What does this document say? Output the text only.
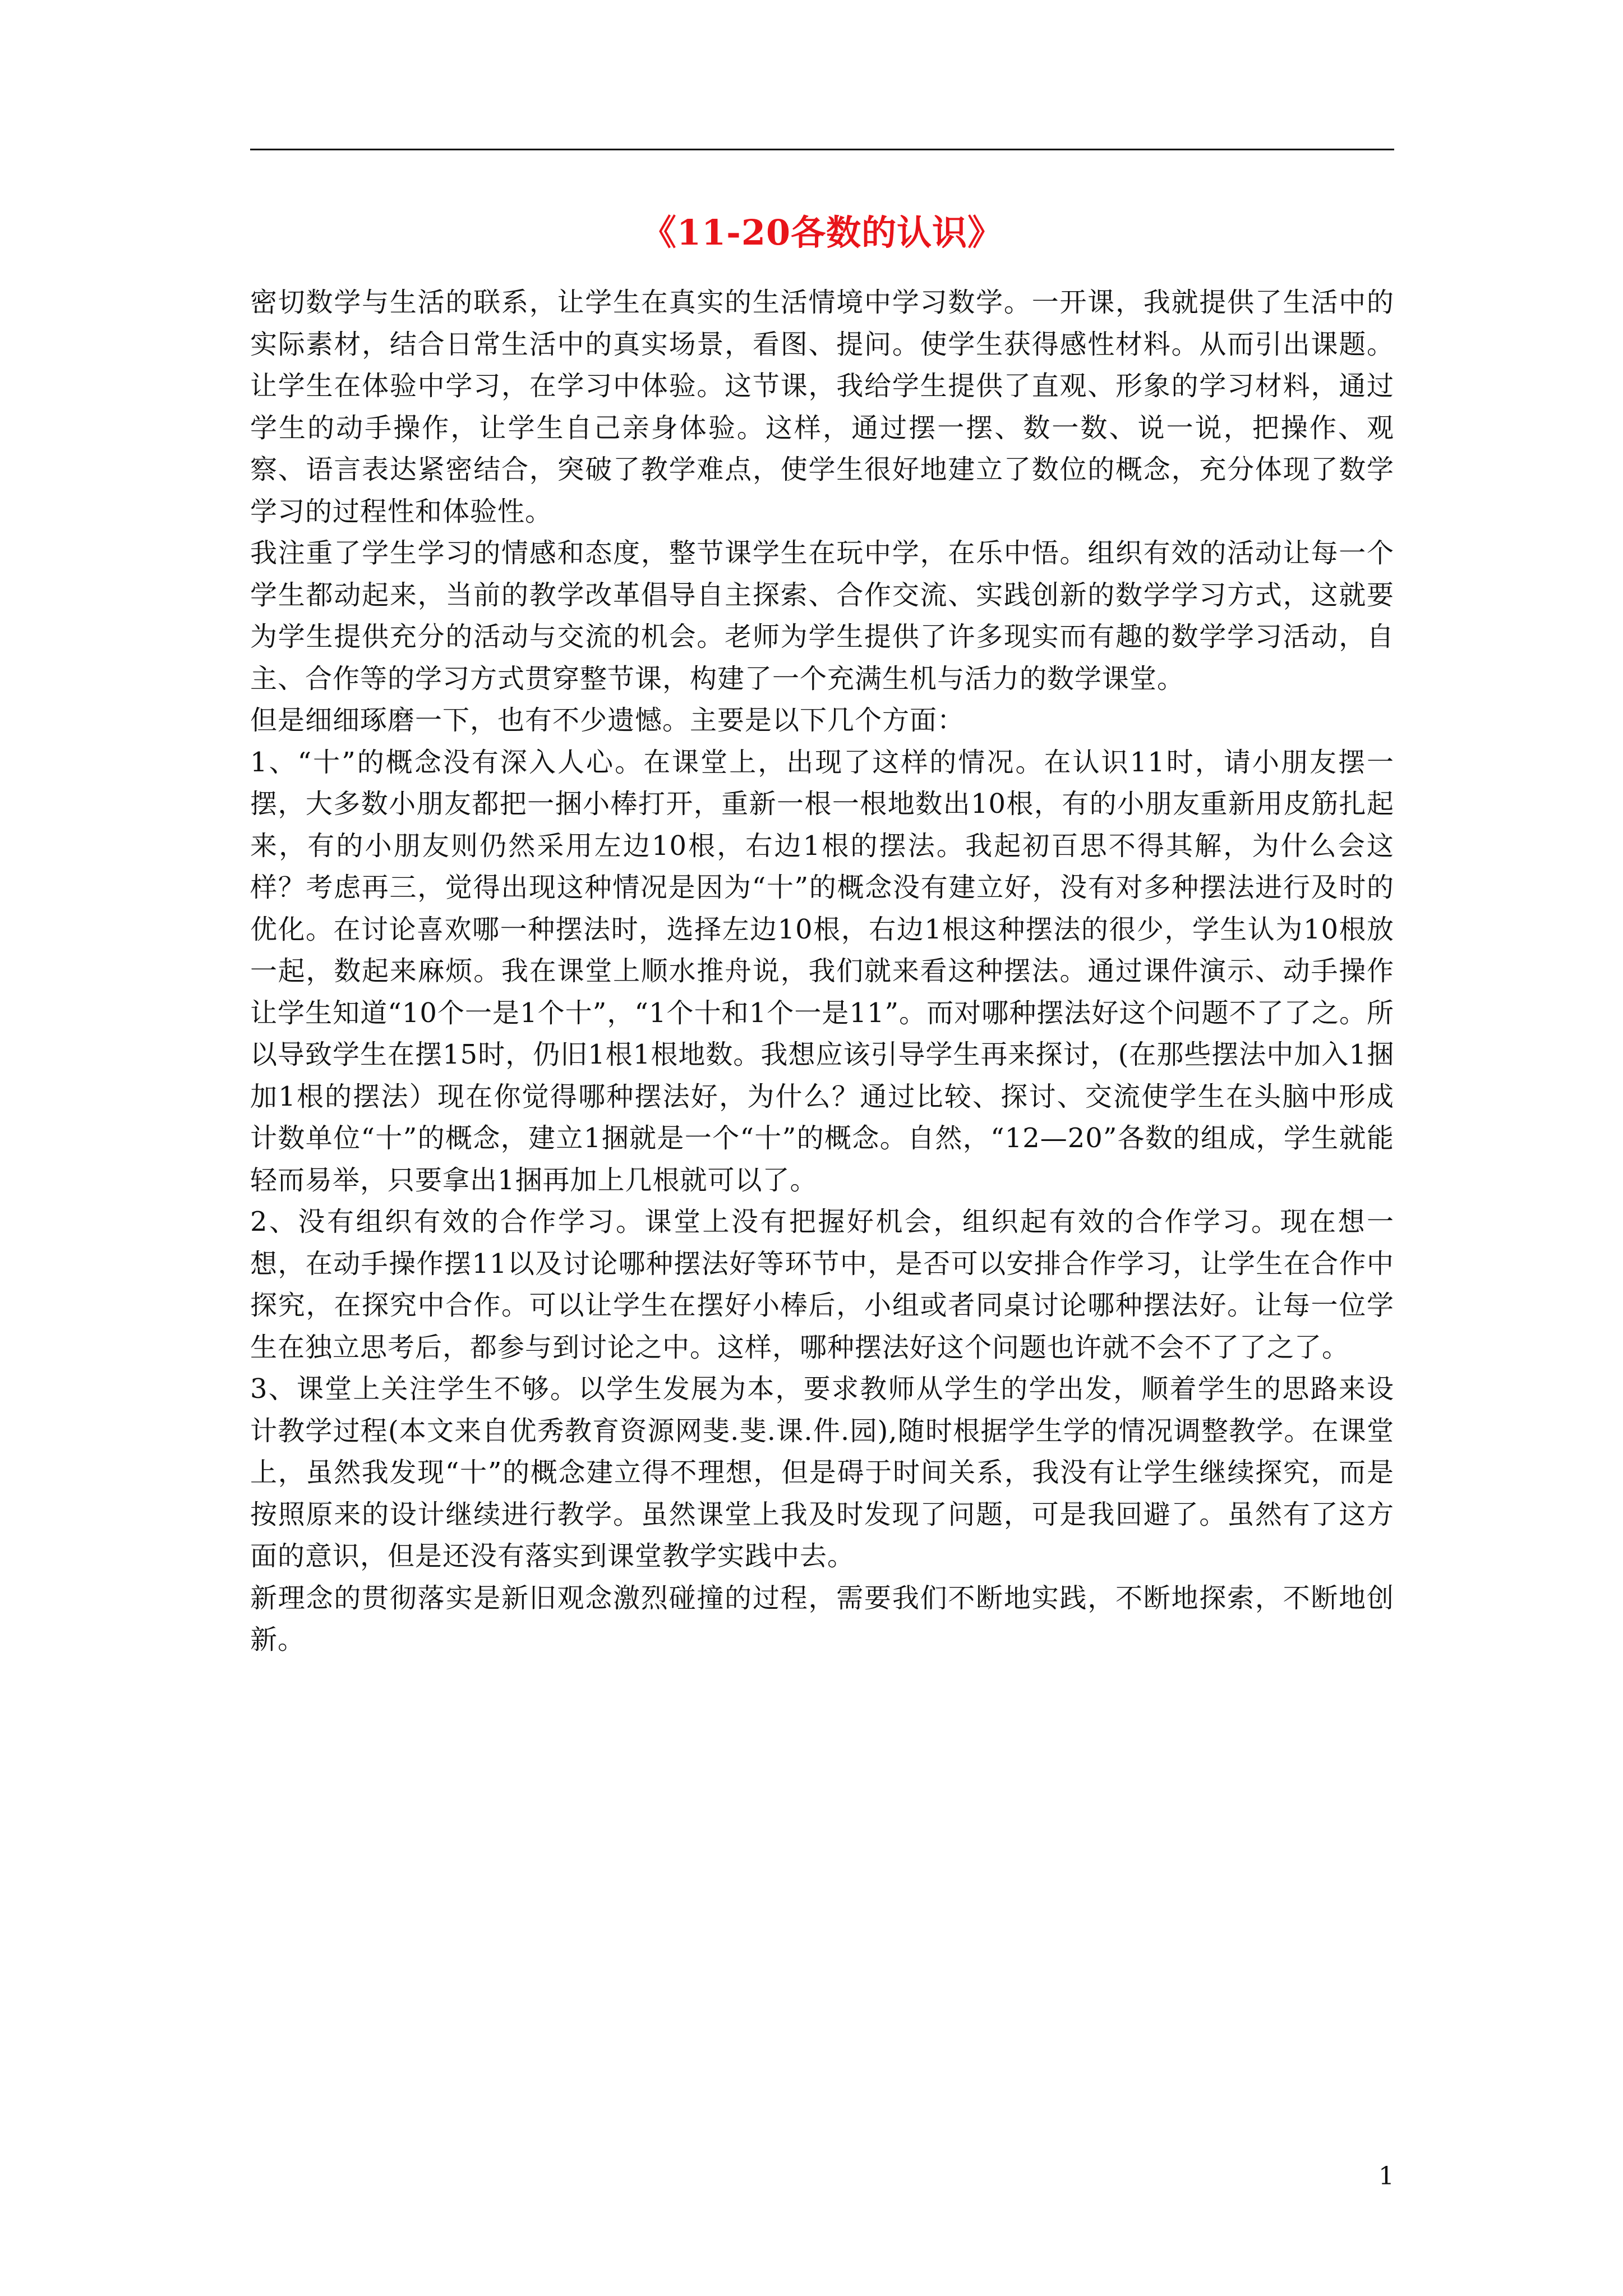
《11-20各数的认识》

密切数学与生活的联系，让学生在真实的生活情境中学习数学。一开课，我就提供了生活中的实际素材，结合日常生活中的真实场景，看图、提问。使学生获得感性材料。从而引出课题。让学生在体验中学习，在学习中体验。这节课，我给学生提供了直观、形象的学习材料，通过学生的动手操作，让学生自己亲身体验。这样，通过摆一摆、数一数、说一说，把操作、观察、语言表达紧密结合，突破了教学难点，使学生很好地建立了数位的概念，充分体现了数学学习的过程性和体验性。

我注重了学生学习的情感和态度，整节课学生在玩中学，在乐中悟。组织有效的活动让每一个学生都动起来，当前的教学改革倡导自主探索、合作交流、实践创新的数学学习方式，这就要为学生提供充分的活动与交流的机会。老师为学生提供了许多现实而有趣的数学学习活动，自主、合作等的学习方式贯穿整节课，构建了一个充满生机与活力的数学课堂。

但是细细琢磨一下，也有不少遗憾。主要是以下几个方面：

1、“十”的概念没有深入人心。在课堂上，出现了这样的情况。在认识11时，请小朋友摆一摆，大多数小朋友都把一捆小棒打开，重新一根一根地数出10根，有的小朋友重新用皮筋扎起来，有的小朋友则仍然采用左边10根，右边1根的摆法。我起初百思不得其解，为什么会这样？考虑再三，觉得出现这种情况是因为“十”的概念没有建立好，没有对多种摆法进行及时的优化。在讨论喜欢哪一种摆法时，选择左边10根，右边1根这种摆法的很少，学生认为10根放一起，数起来麻烦。我在课堂上顺水推舟说，我们就来看这种摆法。通过课件演示、动手操作让学生知道“10个一是1个十”，“1个十和1个一是11”。而对哪种摆法好这个问题不了了之。所以导致学生在摆15时，仍旧1根1根地数。我想应该引导学生再来探讨，(在那些摆法中加入1捆加1根的摆法）现在你觉得哪种摆法好，为什么？通过比较、探讨、交流使学生在头脑中形成计数单位“十”的概念，建立1捆就是一个“十”的概念。自然，“12—20”各数的组成，学生就能轻而易举，只要拿出1捆再加上几根就可以了。

2、没有组织有效的合作学习。课堂上没有把握好机会，组织起有效的合作学习。现在想一想，在动手操作摆11以及讨论哪种摆法好等环节中，是否可以安排合作学习，让学生在合作中探究，在探究中合作。可以让学生在摆好小棒后，小组或者同桌讨论哪种摆法好。让每一位学生在独立思考后，都参与到讨论之中。这样，哪种摆法好这个问题也许就不会不了了之了。

3、课堂上关注学生不够。以学生发展为本，要求教师从学生的学出发，顺着学生的思路来设计教学过程(本文来自优秀教育资源网斐.斐.课.件.园),随时根据学生学的情况调整教学。在课堂上，虽然我发现“十”的概念建立得不理想，但是碍于时间关系，我没有让学生继续探究，而是按照原来的设计继续进行教学。虽然课堂上我及时发现了问题，可是我回避了。虽然有了这方面的意识，但是还没有落实到课堂教学实践中去。

新理念的贯彻落实是新旧观念激烈碰撞的过程，需要我们不断地实践，不断地探索，不断地创新。

1
